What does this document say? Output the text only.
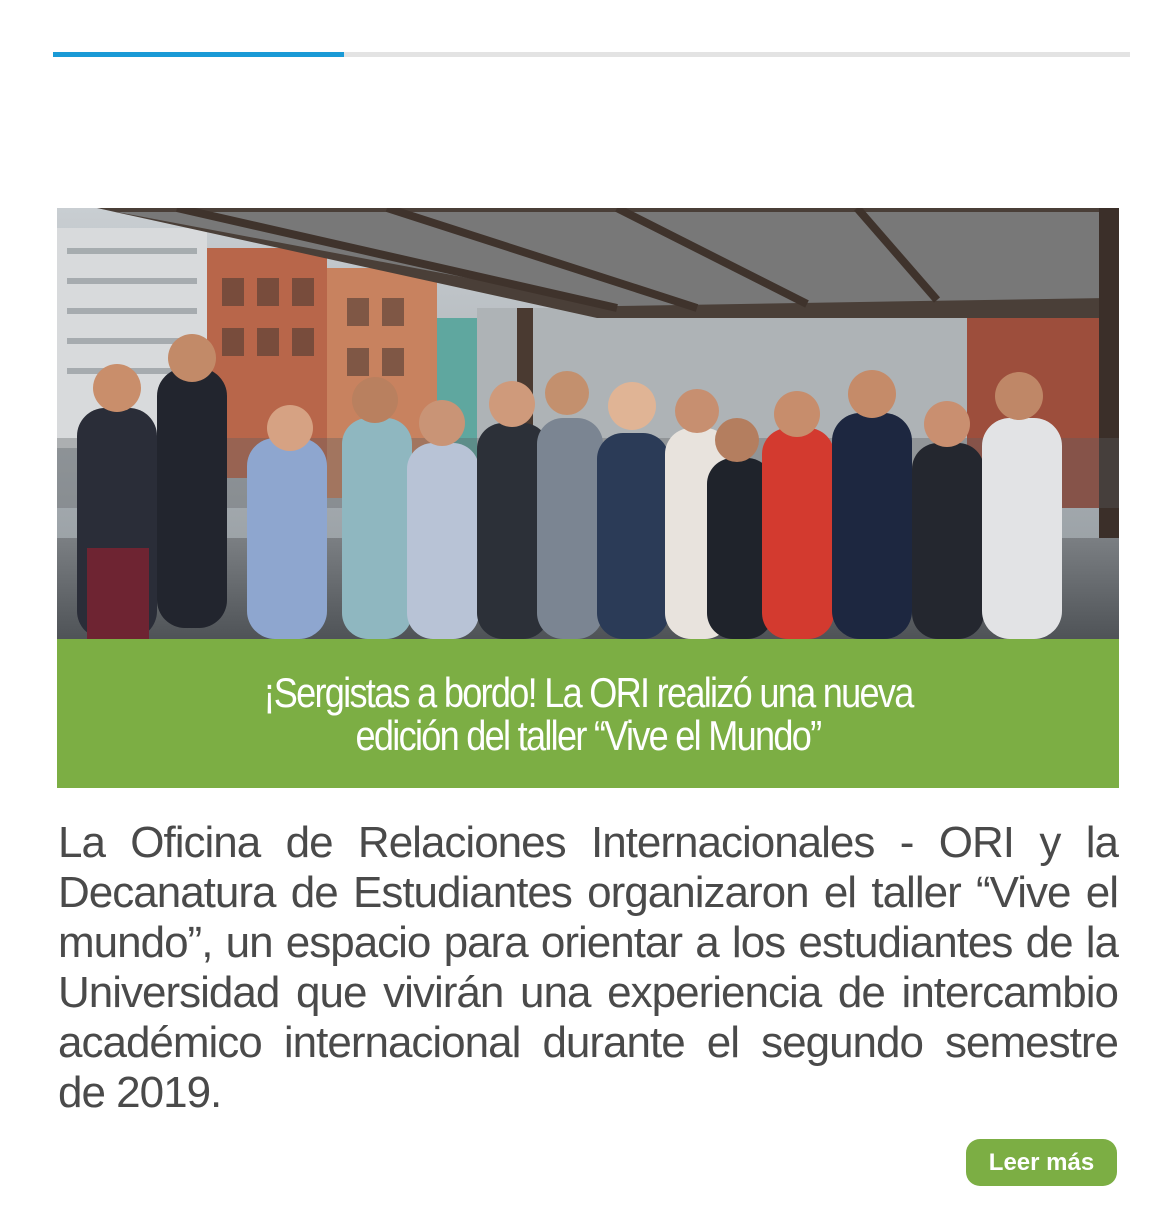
¡Sergistas a bordo! La ORI realizó una nueva
edición del taller “Vive el Mundo”

La Oficina de Relaciones Internacionales - ORI y la Decanatura de Estudiantes organizaron el taller “Vive el mundo”, un espacio para orientar a los estudiantes de la Universidad que vivirán una experiencia de intercambio académico internacional durante el segundo semestre de 2019.

Leer más
